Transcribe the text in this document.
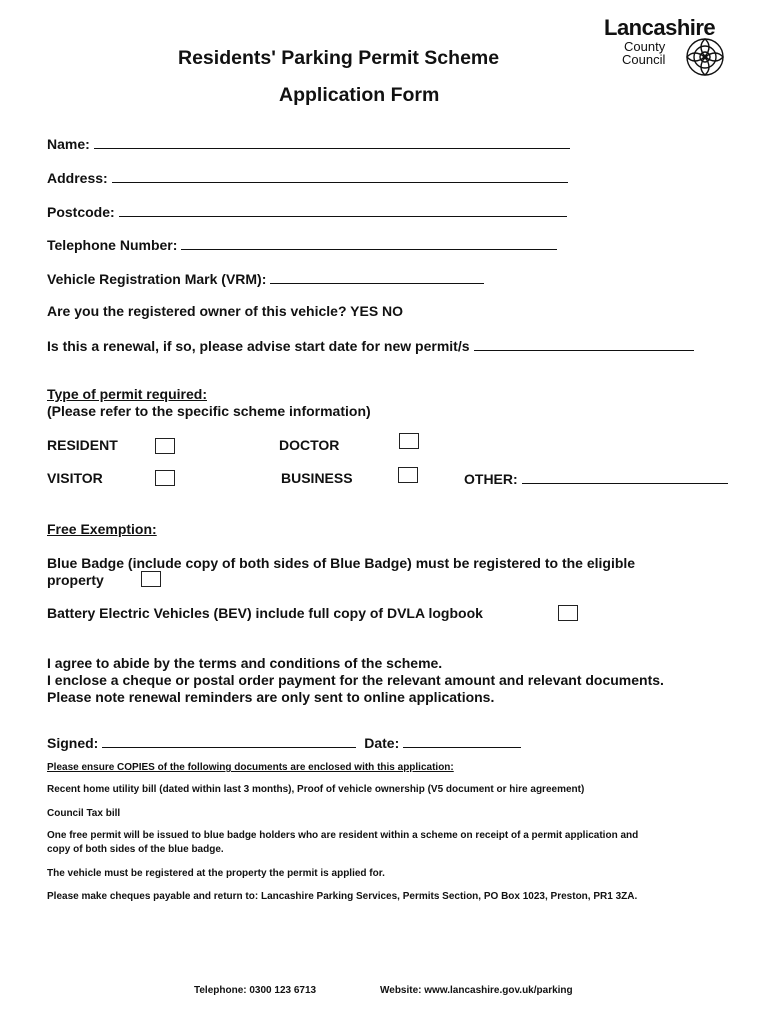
Lancashire
County
Council
Residents' Parking Permit Scheme
Application Form
Name:
Address:
Postcode:
Telephone Number:
Vehicle Registration Mark (VRM):
Are you the registered owner of this vehicle? YES NO
Is this a renewal, if so, please advise start date for new permit/s
Type of permit required:
(Please refer to the specific scheme information)
RESIDENT	DOCTOR
VISITOR	BUSINESS	OTHER:
Free Exemption:
Blue Badge (include copy of both sides of Blue Badge) must be registered to the eligible
property
Battery Electric Vehicles (BEV) include full copy of DVLA logbook
I agree to abide by the terms and conditions of the scheme.
I enclose a cheque or postal order payment for the relevant amount and relevant documents.
Please note renewal reminders are only sent to online applications.
Signed:	Date:
Please ensure COPIES of the following documents are enclosed with this application:
Recent home utility bill (dated within last 3 months), Proof of vehicle ownership (V5 document or hire agreement)
Council Tax bill
One free permit will be issued to blue badge holders who are resident within a scheme on receipt of a permit application and
copy of both sides of the blue badge.
The vehicle must be registered at the property the permit is applied for.
Please make cheques payable and return to: Lancashire Parking Services, Permits Section, PO Box 1023, Preston, PR1 3ZA.
Telephone: 0300 123 6713	Website: www.lancashire.gov.uk/parking
